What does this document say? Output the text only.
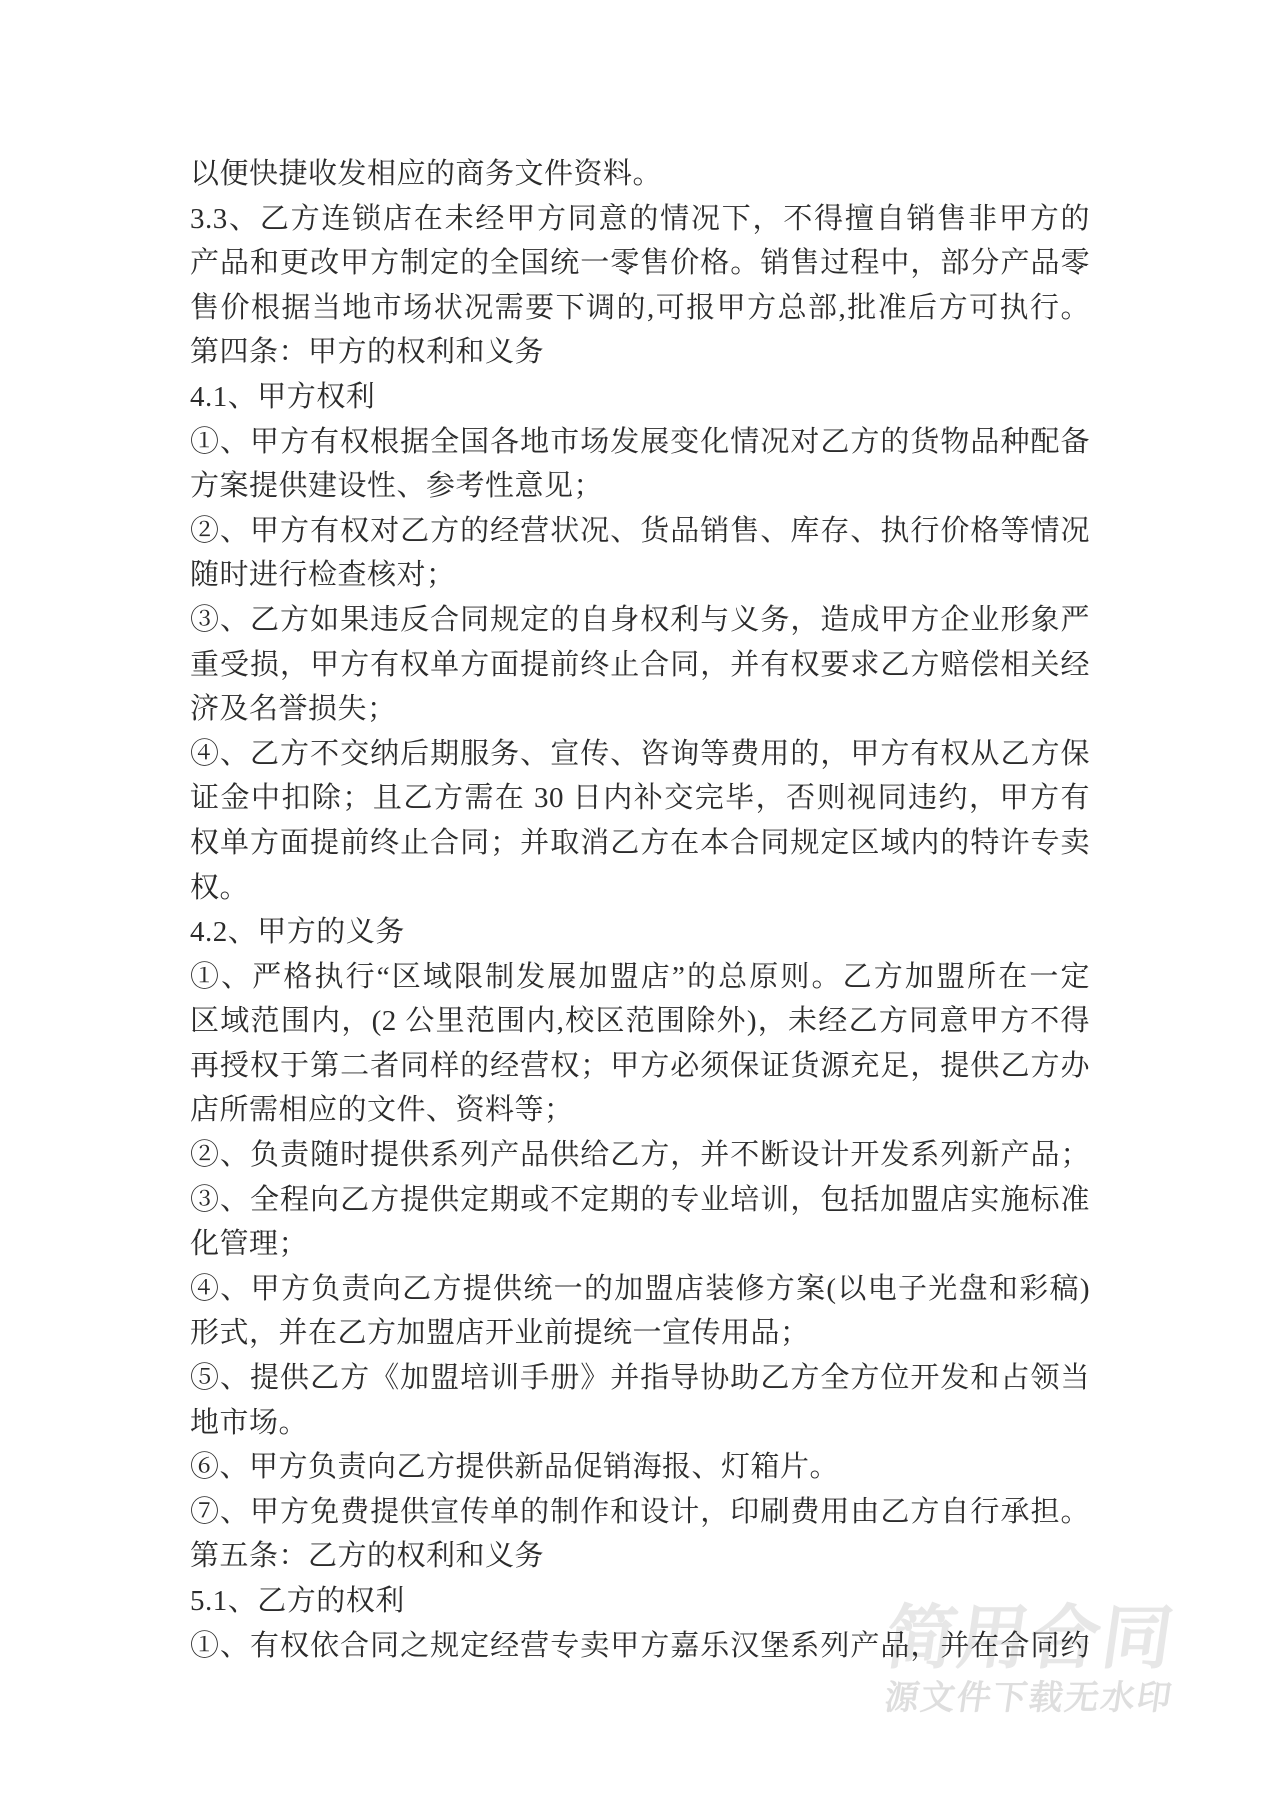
简用合同
源文件下载无水印
以便快捷收发相应的商务文件资料。
3.3、乙方连锁店在未经甲方同意的情况下，不得擅自销售非甲方的
产品和更改甲方制定的全国统一零售价格。销售过程中，部分产品零
售价根据当地市场状况需要下调的,可报甲方总部,批准后方可执行。
第四条：甲方的权利和义务
4.1、甲方权利
①、甲方有权根据全国各地市场发展变化情况对乙方的货物品种配备
方案提供建设性、参考性意见；
②、甲方有权对乙方的经营状况、货品销售、库存、执行价格等情况
随时进行检查核对；
③、乙方如果违反合同规定的自身权利与义务，造成甲方企业形象严
重受损，甲方有权单方面提前终止合同，并有权要求乙方赔偿相关经
济及名誉损失；
④、乙方不交纳后期服务、宣传、咨询等费用的，甲方有权从乙方保
证金中扣除；且乙方需在 30 日内补交完毕，否则视同违约，甲方有
权单方面提前终止合同；并取消乙方在本合同规定区域内的特许专卖
权。
4.2、甲方的义务
①、严格执行“区域限制发展加盟店”的总原则。乙方加盟所在一定
区域范围内，(2 公里范围内,校区范围除外)，未经乙方同意甲方不得
再授权于第二者同样的经营权；甲方必须保证货源充足，提供乙方办
店所需相应的文件、资料等；
②、负责随时提供系列产品供给乙方，并不断设计开发系列新产品；
③、全程向乙方提供定期或不定期的专业培训，包括加盟店实施标准
化管理；
④、甲方负责向乙方提供统一的加盟店装修方案(以电子光盘和彩稿)
形式，并在乙方加盟店开业前提统一宣传用品；
⑤、提供乙方《加盟培训手册》并指导协助乙方全方位开发和占领当
地市场。
⑥、甲方负责向乙方提供新品促销海报、灯箱片。
⑦、甲方免费提供宣传单的制作和设计，印刷费用由乙方自行承担。
第五条：乙方的权利和义务
5.1、乙方的权利
①、有权依合同之规定经营专卖甲方嘉乐汉堡系列产品，并在合同约
